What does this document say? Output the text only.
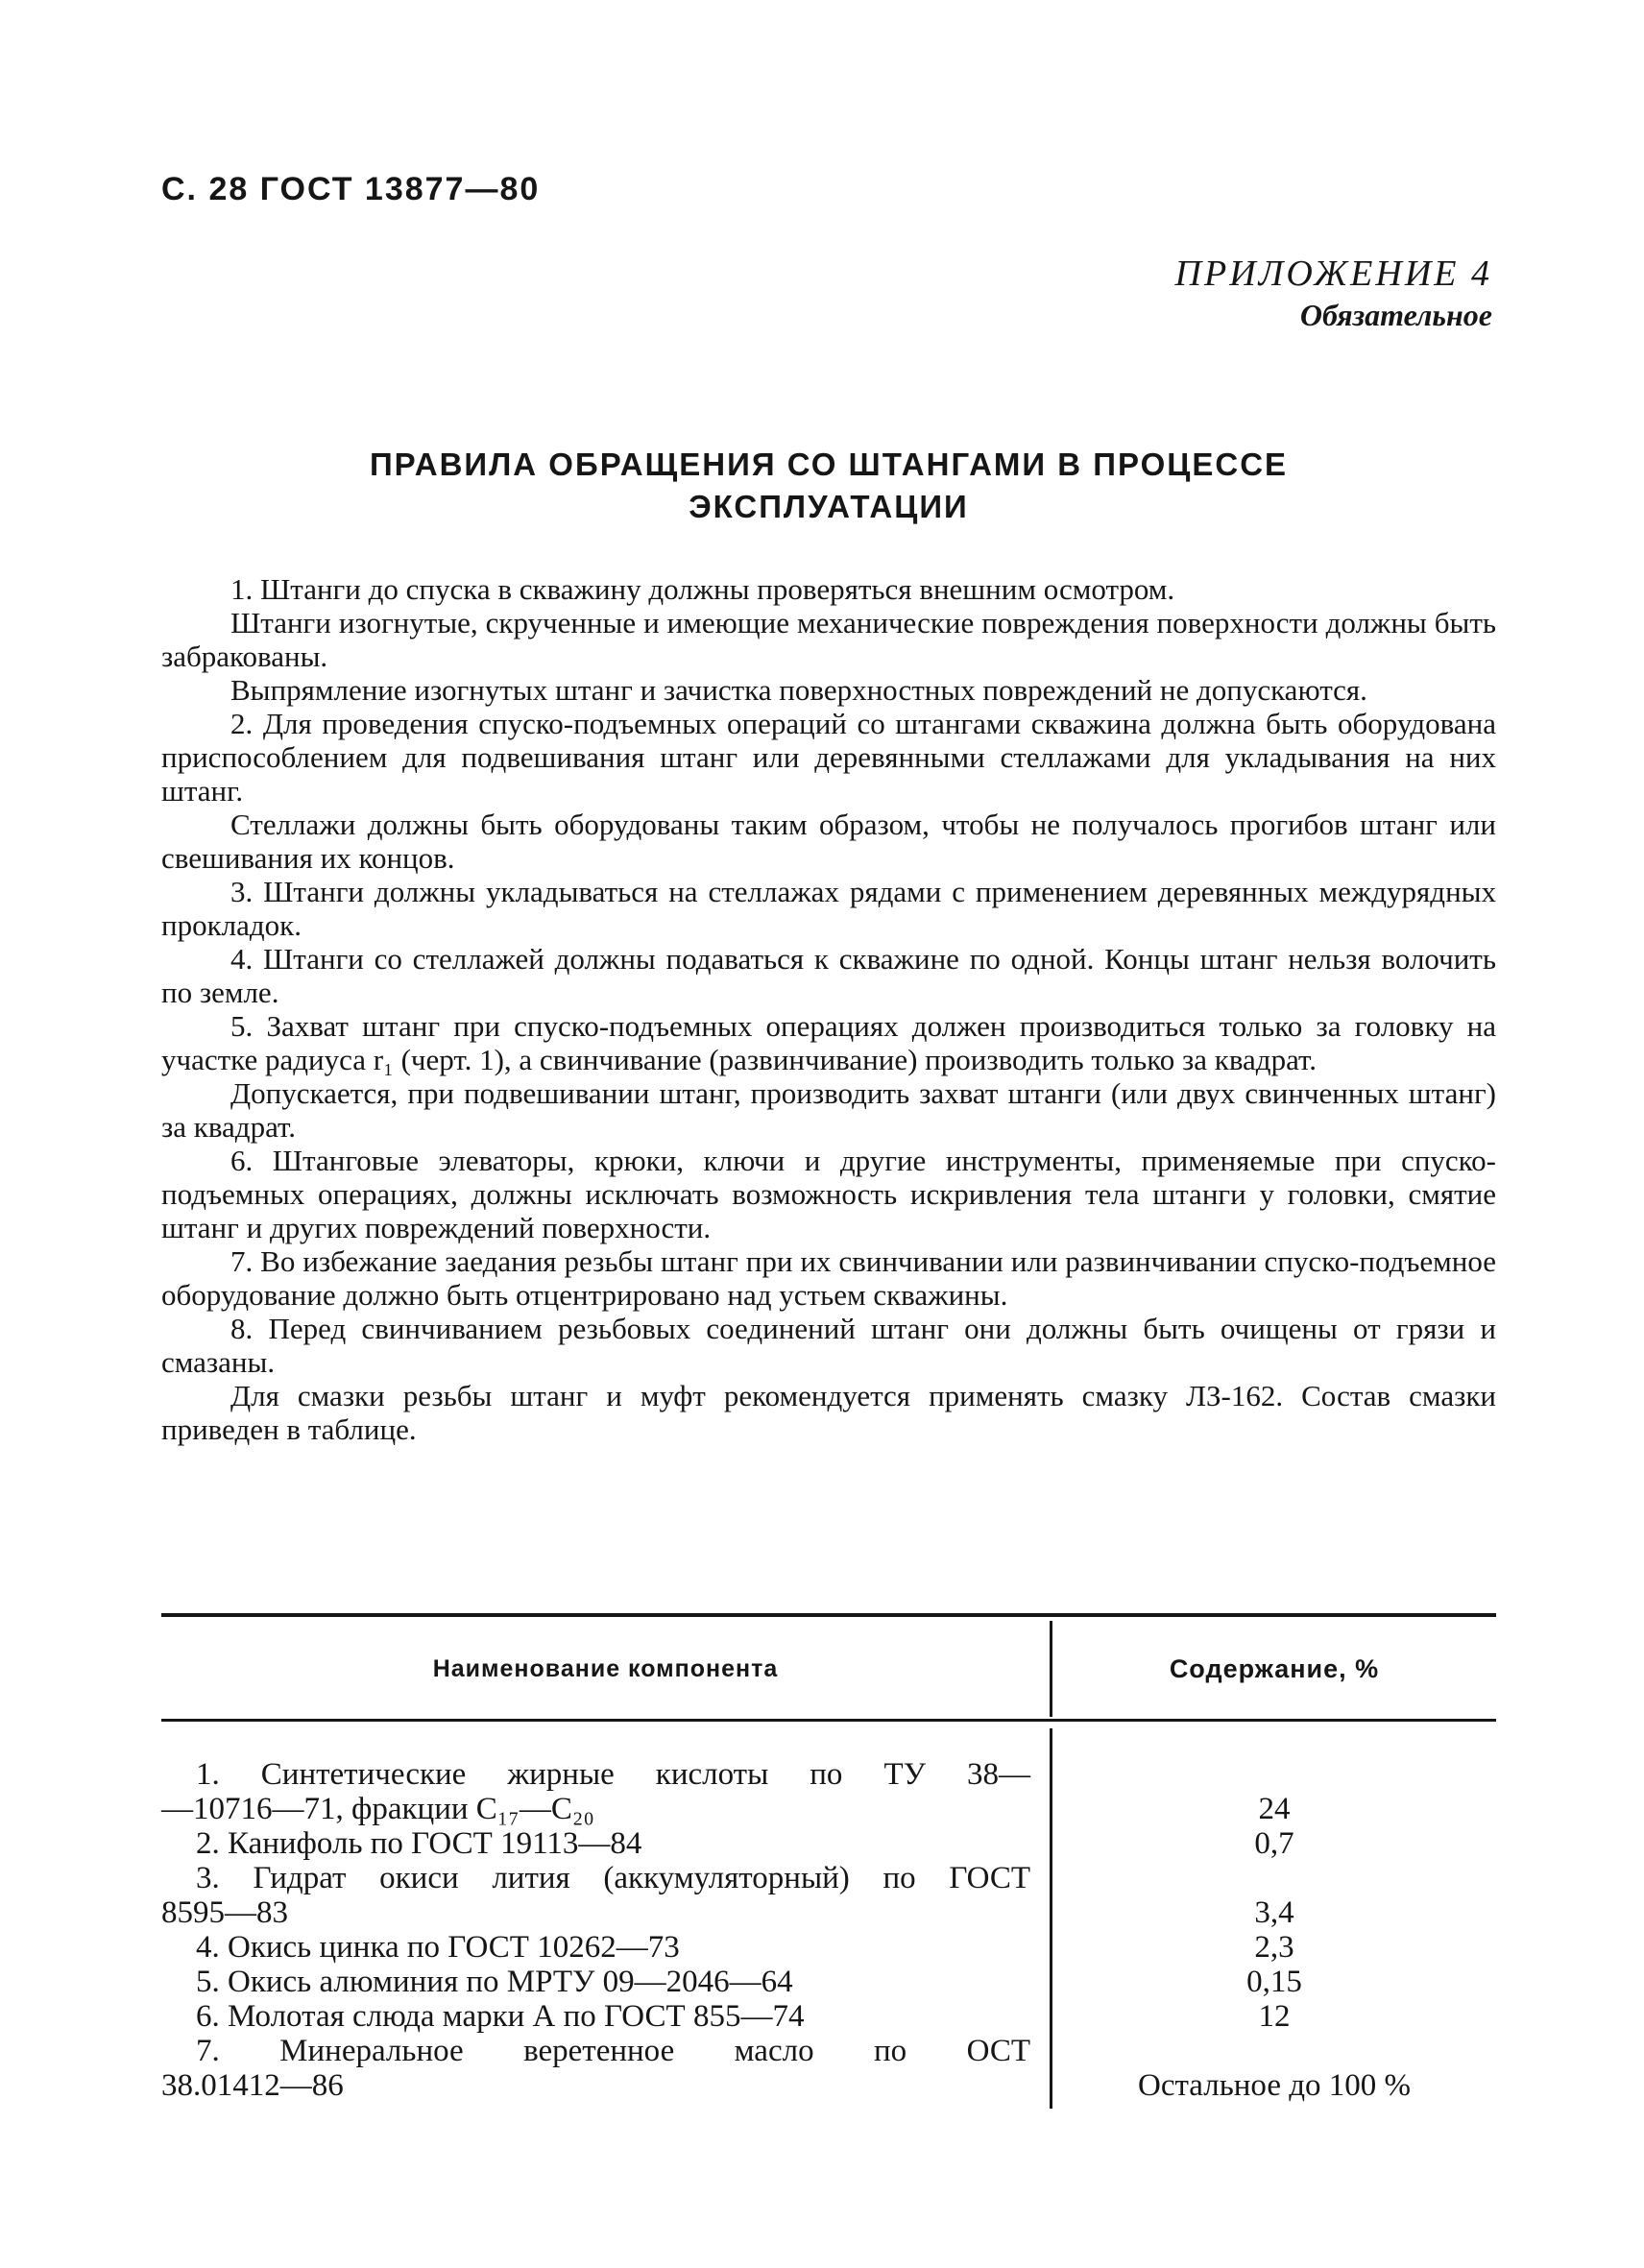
С. 28 ГОСТ 13877—80
ПРИЛОЖЕНИЕ 4
Обязательное
ПРАВИЛА ОБРАЩЕНИЯ СО ШТАНГАМИ В ПРОЦЕССЕ
ЭКСПЛУАТАЦИИ

1. Штанги до спуска в скважину должны проверяться внешним осмотром.

Штанги изогнутые, скрученные и имеющие механические повреждения поверхности должны быть забракованы.

Выпрямление изогнутых штанг и зачистка поверхностных повреждений не допускаются.

2. Для проведения спуско-подъемных операций со штангами скважина должна быть оборудована приспособлением для подвешивания штанг или деревянными стеллажами для укладывания на них штанг.

Стеллажи должны быть оборудованы таким образом, чтобы не получалось прогибов штанг или свешивания их концов.

3. Штанги должны укладываться на стеллажах рядами с применением деревянных междурядных прокладок.

4. Штанги со стеллажей должны подаваться к скважине по одной. Концы штанг нельзя волочить по земле.

5. Захват штанг при спуско-подъемных операциях должен производиться только за головку на участке радиуса r₁ (черт. 1), а свинчивание (развинчивание) производить только за квадрат.

Допускается, при подвешивании штанг, производить захват штанги (или двух свинченных штанг) за квадрат.

6. Штанговые элеваторы, крюки, ключи и другие инструменты, применяемые при спуско-подъемных операциях, должны исключать возможность искривления тела штанги у головки, смятие штанг и других повреждений поверхности.

7. Во избежание заедания резьбы штанг при их свинчивании или развинчивании спуско-подъемное оборудование должно быть отцентрировано над устьем скважины.

8. Перед свинчиванием резьбовых соединений штанг они должны быть очищены от грязи и смазаны.

Для смазки резьбы штанг и муфт рекомендуется применять смазку ЛЗ-162. Состав смазки приведен в таблице.

Наименование компонента	Содержание, %
1. Синтетические жирные кислоты по ТУ 38—
—10716—71, фракции C₁₇—C₂₀	24
2. Канифоль по ГОСТ 19113—84	0,7
3. Гидрат окиси лития (аккумуляторный) по ГОСТ
8595—83	3,4
4. Окись цинка по ГОСТ 10262—73	2,3
5. Окись алюминия по МРТУ 09—2046—64	0,15
6. Молотая слюда марки А по ГОСТ 855—74	12
7. Минеральное веретенное масло по ОСТ
38.01412—86	Остальное до 100 %
